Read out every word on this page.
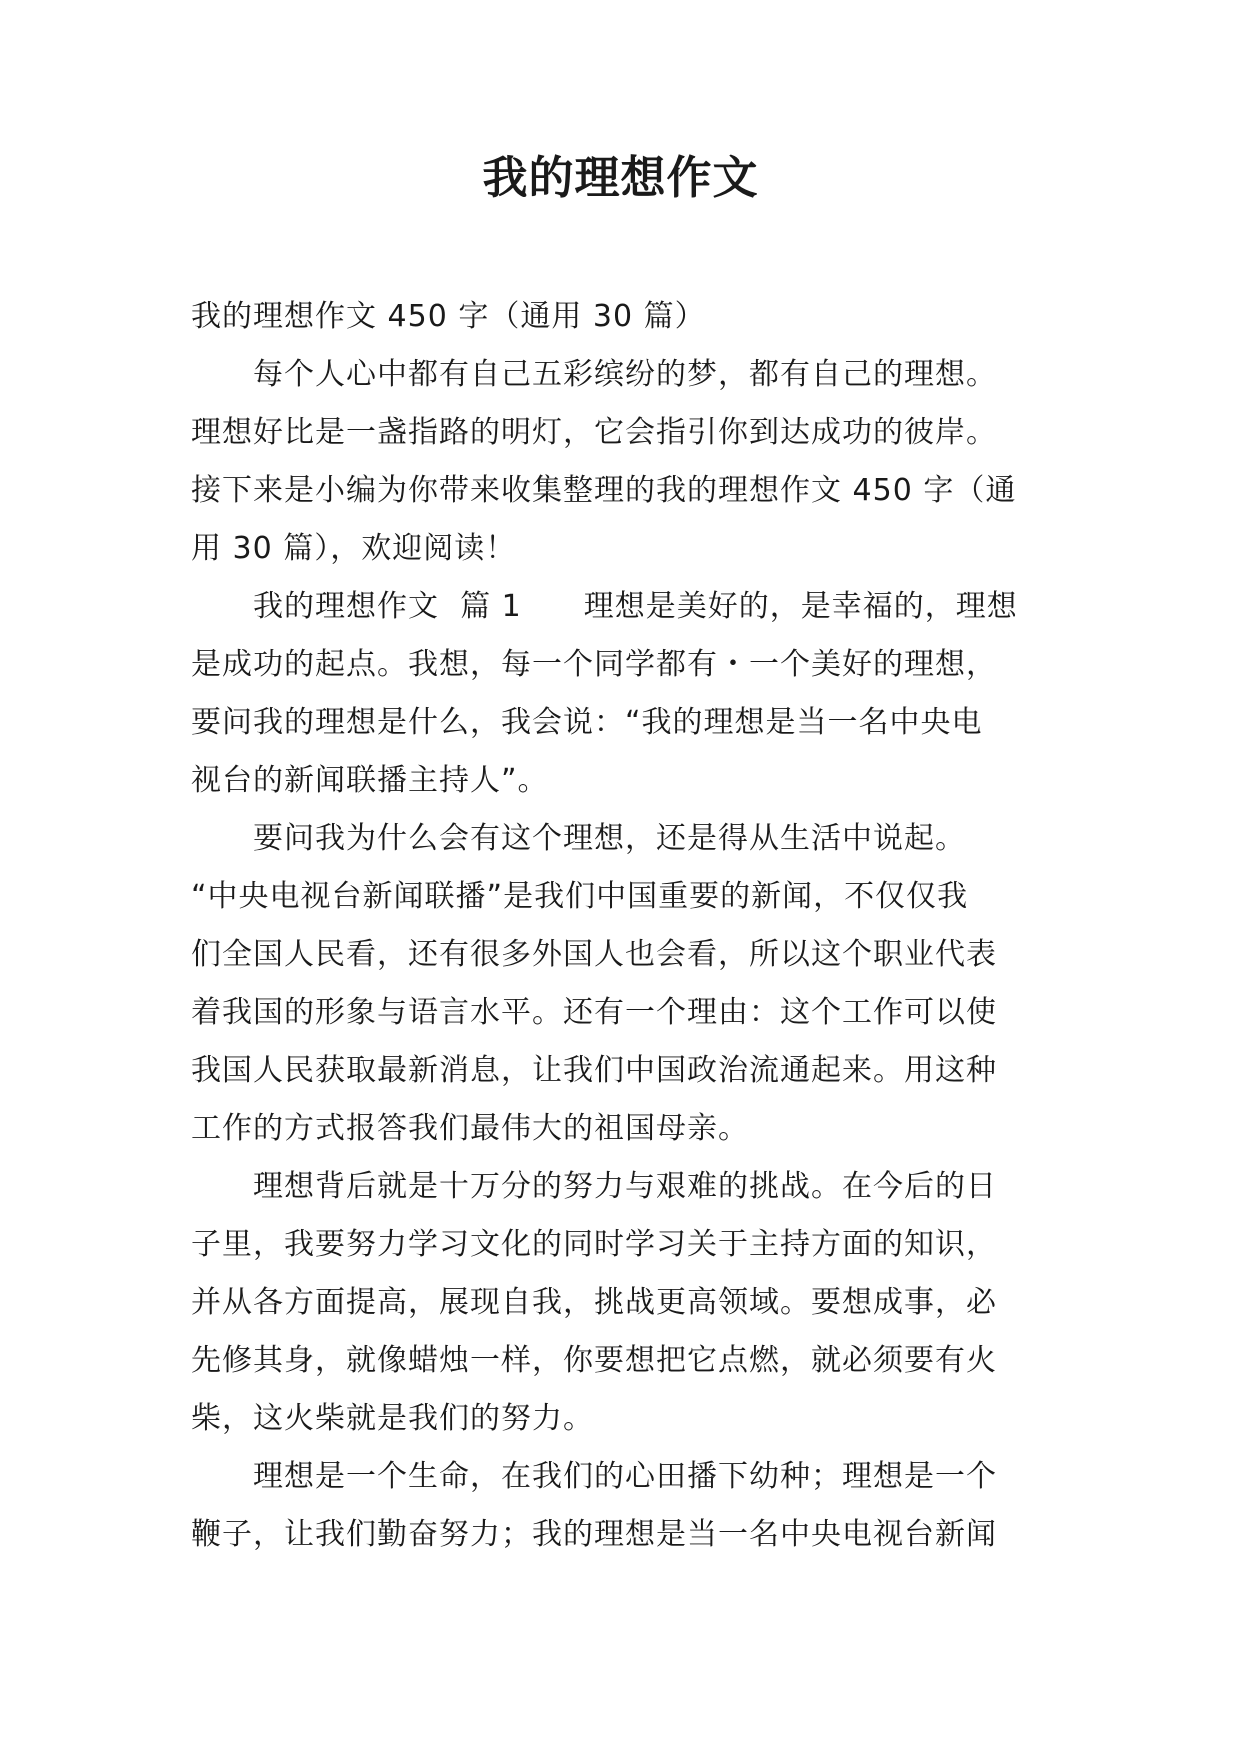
我的理想作文
我的理想作文 450 字（通用 30 篇）
　　每个人心中都有自己五彩缤纷的梦，都有自己的理想。
理想好比是一盏指路的明灯，它会指引你到达成功的彼岸。
接下来是小编为你带来收集整理的我的理想作文 450 字（通
用 30 篇），欢迎阅读！
　　我的理想作文  篇 1　　理想是美好的，是幸福的，理想
是成功的起点。我想，每一个同学都有・一个美好的理想，
要问我的理想是什么，我会说：“我的理想是当一名中央电
视台的新闻联播主持人”。
　　要问我为什么会有这个理想，还是得从生活中说起。
“中央电视台新闻联播”是我们中国重要的新闻，不仅仅我
们全国人民看，还有很多外国人也会看，所以这个职业代表
着我国的形象与语言水平。还有一个理由：这个工作可以使
我国人民获取最新消息，让我们中国政治流通起来。用这种
工作的方式报答我们最伟大的祖国母亲。
　　理想背后就是十万分的努力与艰难的挑战。在今后的日
子里，我要努力学习文化的同时学习关于主持方面的知识，
并从各方面提高，展现自我，挑战更高领域。要想成事，必
先修其身，就像蜡烛一样，你要想把它点燃，就必须要有火
柴，这火柴就是我们的努力。
　　理想是一个生命，在我们的心田播下幼种；理想是一个
鞭子，让我们勤奋努力；我的理想是当一名中央电视台新闻
